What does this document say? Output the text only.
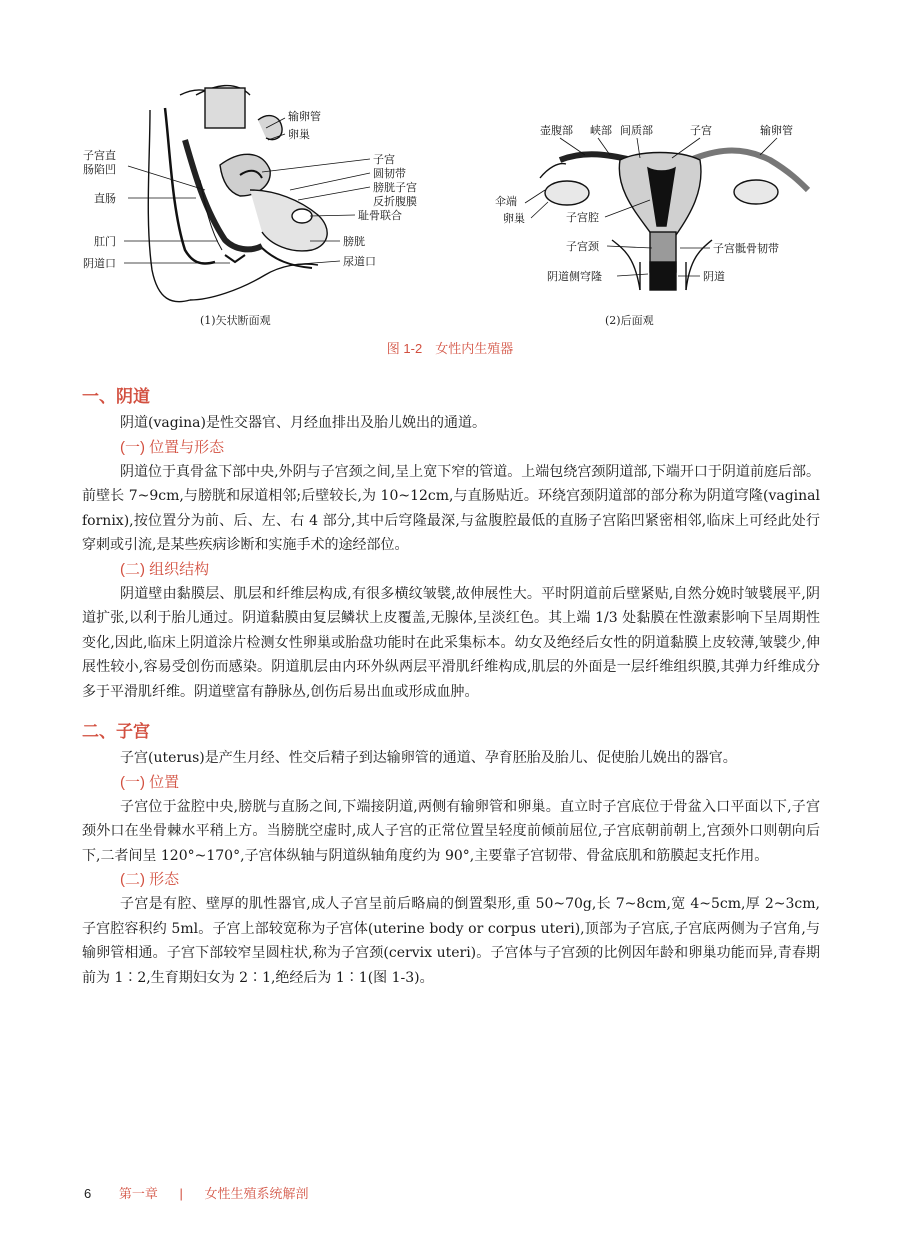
子宫直
肠陷凹
直肠
肛门
阴道口
输卵管
卵巢
子宫
圆韧带
膀胱子宫
反折腹膜
耻骨联合
膀胱
尿道口
壶腹部 峡部 间质部	子宫	输卵管
伞端
卵巢	子宫腔
子宫颈
阴道侧穹隆
子宫骶骨韧带
阴道
(1)矢状断面观	(2)后面观
图 1-2　女性内生殖器
一、阴道

阴道(vagina)是性交器官、月经血排出及胎儿娩出的通道。

(一) 位置与形态

阴道位于真骨盆下部中央,外阴与子宫颈之间,呈上宽下窄的管道。上端包绕宫颈阴道部,下端开口于阴道前庭后部。前壁长 7~9cm,与膀胱和尿道相邻;后壁较长,为 10~12cm,与直肠贴近。环绕宫颈阴道部的部分称为阴道穹隆(vaginal fornix),按位置分为前、后、左、右 4 部分,其中后穹隆最深,与盆腹腔最低的直肠子宫陷凹紧密相邻,临床上可经此处行穿刺或引流,是某些疾病诊断和实施手术的途经部位。

(二) 组织结构

阴道壁由黏膜层、肌层和纤维层构成,有很多横纹皱襞,故伸展性大。平时阴道前后壁紧贴,自然分娩时皱襞展平,阴道扩张,以利于胎儿通过。阴道黏膜由复层鳞状上皮覆盖,无腺体,呈淡红色。其上端 1/3 处黏膜在性激素影响下呈周期性变化,因此,临床上阴道涂片检测女性卵巢或胎盘功能时在此采集标本。幼女及绝经后女性的阴道黏膜上皮较薄,皱襞少,伸展性较小,容易受创伤而感染。阴道肌层由内环外纵两层平滑肌纤维构成,肌层的外面是一层纤维组织膜,其弹力纤维成分多于平滑肌纤维。阴道壁富有静脉丛,创伤后易出血或形成血肿。

二、子宫

子宫(uterus)是产生月经、性交后精子到达输卵管的通道、孕育胚胎及胎儿、促使胎儿娩出的器官。

(一) 位置

子宫位于盆腔中央,膀胱与直肠之间,下端接阴道,两侧有输卵管和卵巢。直立时子宫底位于骨盆入口平面以下,子宫颈外口在坐骨棘水平稍上方。当膀胱空虚时,成人子宫的正常位置呈轻度前倾前屈位,子宫底朝前朝上,宫颈外口则朝向后下,二者间呈 120°~170°,子宫体纵轴与阴道纵轴角度约为 90°,主要靠子宫韧带、骨盆底肌和筋膜起支托作用。

(二) 形态

子宫是有腔、壁厚的肌性器官,成人子宫呈前后略扁的倒置梨形,重 50~70g,长 7~8cm,宽 4~5cm,厚 2~3cm,子宫腔容积约 5ml。子宫上部较宽称为子宫体(uterine body or corpus uteri),顶部为子宫底,子宫底两侧为子宫角,与输卵管相通。子宫下部较窄呈圆柱状,称为子宫颈(cervix uteri)。子宫体与子宫颈的比例因年龄和卵巢功能而异,青春期前为 1∶2,生育期妇女为 2∶1,绝经后为 1∶1(图 1-3)。

6 第一章 | 女性生殖系统解剖
